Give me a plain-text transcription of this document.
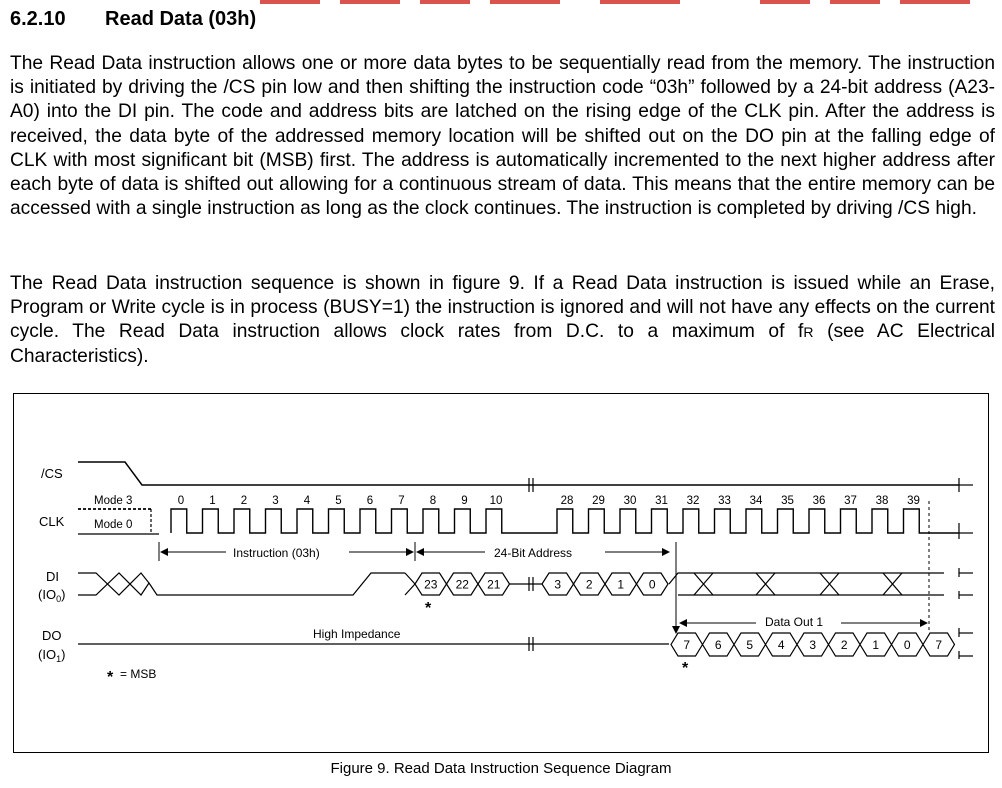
6.2.10 Read Data (03h)

The Read Data instruction allows one or more data bytes to be sequentially read from the memory. The instruction is initiated by driving the /CS pin low and then shifting the instruction code “03h” followed by a 24-bit address (A23-A0) into the DI pin. The code and address bits are latched on the rising edge of the CLK pin. After the address is received, the data byte of the addressed memory location will be shifted out on the DO pin at the falling edge of CLK with most significant bit (MSB) first. The address is automatically incremented to the next higher address after each byte of data is shifted out allowing for a continuous stream of data. This means that the entire memory can be accessed with a single instruction as long as the clock continues. The instruction is completed by driving /CS high.

The Read Data instruction sequence is shown in figure 9. If a Read Data instruction is issued while an Erase, Program or Write cycle is in process (BUSY=1) the instruction is ignored and will not have any effects on the current cycle. The Read Data instruction allows clock rates from D.C. to a maximum of fR (see AC Electrical Characteristics).

/CS
CLK
DI
$(IO_0)$
DO
$(IO_1)$
Mode 3
Mode 0
0 1 2 3 4 5 6 7 8 9 10	28 29 30 31 32 33 34 35 36 37 38 39
Instruction (03h)	24-Bit Address
23 22 21	3 2 1 0
*
High Impedance
7 6 5 4 3 2 1 0 7
*
Data Out 1
* = MSB
Figure 9. Read Data Instruction Sequence Diagram
